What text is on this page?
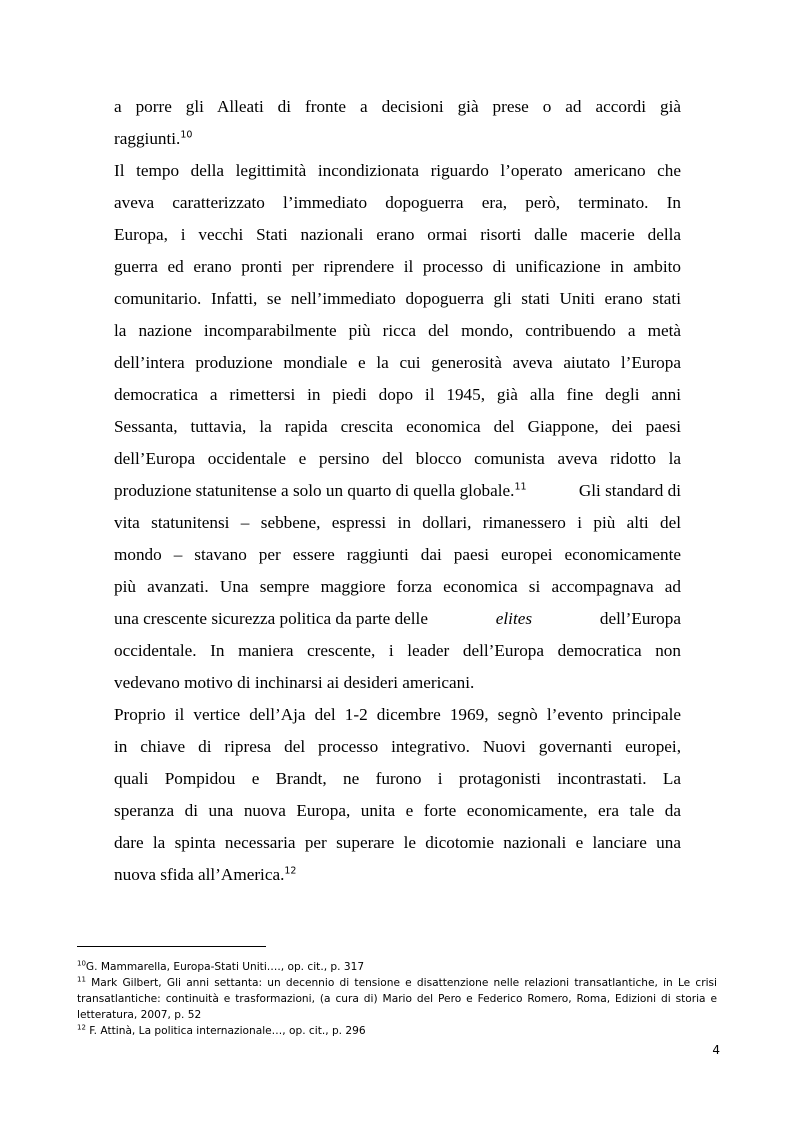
a porre gli Alleati di fronte a decisioni già prese o ad accordi già
raggiunti.$^{10}$
Il tempo della legittimità incondizionata riguardo l’operato americano che
aveva caratterizzato l’immediato dopoguerra era, però, terminato. In
Europa, i vecchi Stati nazionali erano ormai risorti dalle macerie della
guerra ed erano pronti per riprendere il processo di unificazione in ambito
comunitario. Infatti, se nell’immediato dopoguerra gli stati Uniti erano stati
la nazione incomparabilmente più ricca del mondo, contribuendo a metà
dell’intera produzione mondiale e la cui generosità aveva aiutato l’Europa
democratica a rimettersi in piedi dopo il 1945, già alla fine degli anni
Sessanta, tuttavia, la rapida crescita economica del Giappone, dei paesi
dell’Europa occidentale e persino del blocco comunista aveva ridotto la
produzione statunitense a solo un quarto di quella globale.$^{11}$	Gli standard di
vita statunitensi – sebbene, espressi in dollari, rimanessero i più alti del
mondo – stavano per essere raggiunti dai paesi europei economicamente
più avanzati. Una sempre maggiore forza economica si accompagnava ad
una crescente sicurezza politica da parte delle	elites	dell’Europa
occidentale. In maniera crescente, i leader dell’Europa democratica non
vedevano motivo di inchinarsi ai desideri americani.
Proprio il vertice dell’Aja del 1-2 dicembre 1969, segnò l’evento principale
in chiave di ripresa del processo integrativo. Nuovi governanti europei,
quali Pompidou e Brandt, ne furono i protagonisti incontrastati. La
speranza di una nuova Europa, unita e forte economicamente, era tale da
dare la spinta necessaria per superare le dicotomie nazionali e lanciare una
nuova sfida all’America.$^{12}$
$^{10}$G. Mammarella, Europa-Stati Uniti…., op. cit., p. 317
$^{11}$ Mark Gilbert, Gli anni settanta: un decennio di tensione e disattenzione nelle relazioni transatlantiche, in Le crisi
transatlantiche: continuità e trasformazioni, (a cura di) Mario del Pero e Federico Romero, Roma, Edizioni di storia e
letteratura, 2007, p. 52
$^{12}$ F. Attinà, La politica internazionale…, op. cit., p. 296
4
